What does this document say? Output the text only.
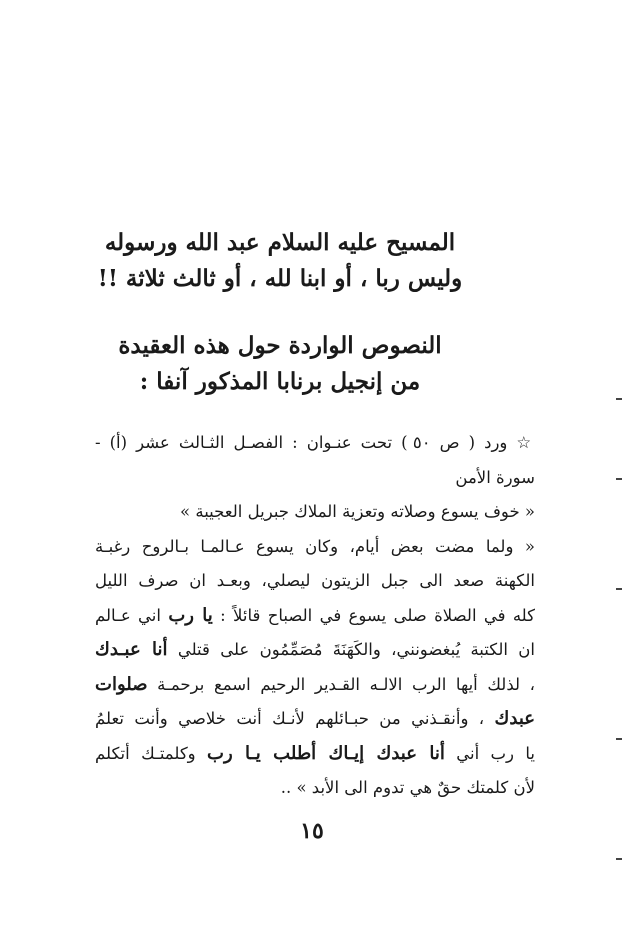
المسيح عليه السلام عبد الله ورسوله
وليس ربا ، أو ابنا لله ، أو ثالث ثلاثة !!
النصوص الواردة حول هذه العقيدة
من إنجيل برنابا المذكور آنفا :
☆ ورد ( ص ٥٠ ) تحت عنـوان : الفصـل الثـالث عشر (أ) -
سورة الأمن
« خوف يسوع وصلاته وتعزية الملاك جبريل العجيبة »
« ولما مضت بعض أيام، وكان يسوع عـالمـا بـالروح رغبـة
الكهنة صعد الى جبل الزيتون ليصلي، وبعـد ان صرف الليل
كله في الصلاة صلى يسوع في الصباح قائلاً : يا رب اني عـالم
ان الكتبة يُبغضونني، والكَهَنَةَ مُصَمِّمُون على قتلي أنا عبـدك
، لذلك أيها الرب الالـه القـدير الرحيم اسمع برحمـة صلوات
عبدك ، وأنقـذني من حبـائلهم لأنـك أنت خلاصي وأنت تعلمُ
يا رب أني أنا عبدك إيـاك أطلب يـا رب وكلمتـك أتكلم
لأن كلمتك حقٌ هي تدوم الى الأبد » ..
١٥
